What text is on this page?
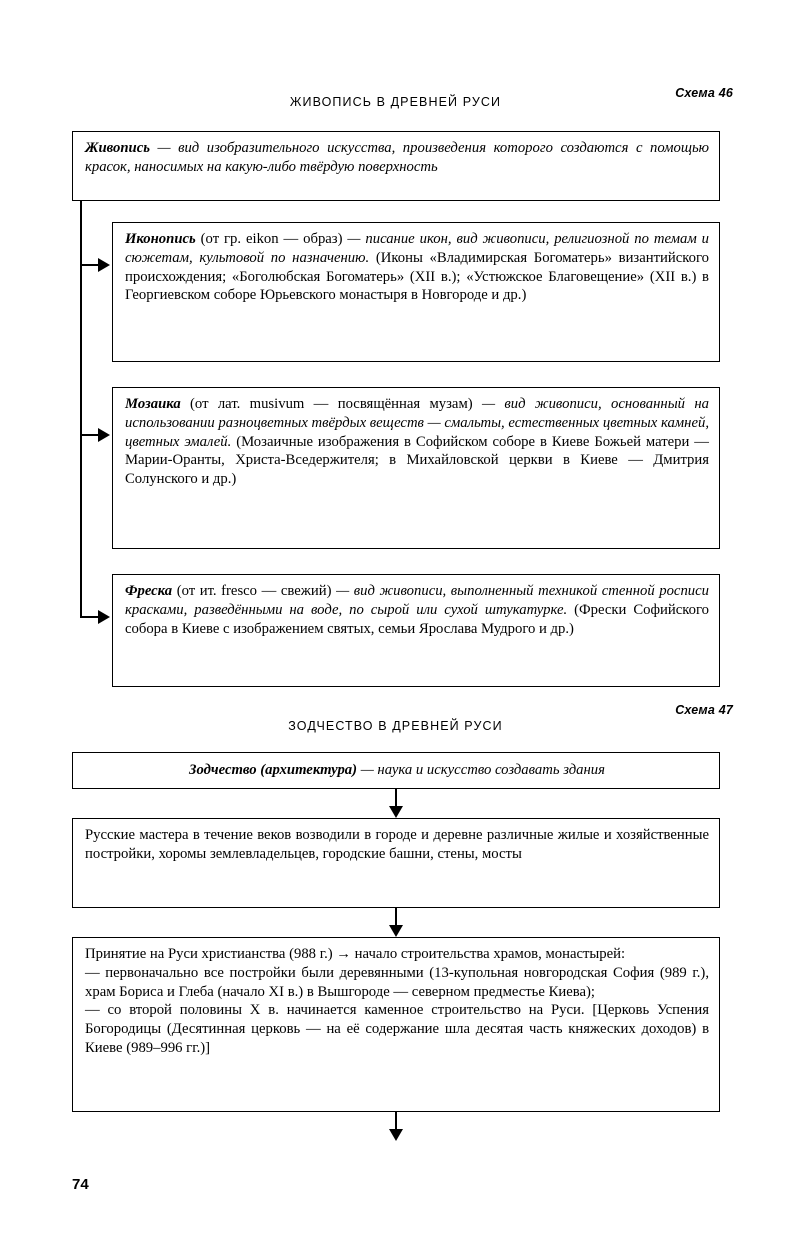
Схема 46
ЖИВОПИСЬ В ДРЕВНЕЙ РУСИ

Живопись — вид изобразительного искусства, произведения которого создаются с помощью красок, наносимых на какую-либо твёрдую поверхность

Иконопись (от гр. eikon — образ) — писание икон, вид живописи, религиозной по темам и сюжетам, культовой по назначению. (Иконы «Владимирская Богоматерь» византийского происхождения; «Боголюбская Богоматерь» (XII в.); «Устюжское Благовещение» (XII в.) в Георгиевском соборе Юрьевского монастыря в Новгороде и др.)

Мозаика (от лат. musivum — посвящённая музам) — вид живописи, основанный на использовании разноцветных твёрдых веществ — смальты, естественных цветных камней, цветных эмалей. (Мозаичные изображения в Софийском соборе в Киеве Божьей матери — Марии-Оранты, Христа-Вседержителя; в Михайловской церкви в Киеве — Дмитрия Солунского и др.)

Фреска (от ит. fresco — свежий) — вид живописи, выполненный техникой стенной росписи красками, разведёнными на воде, по сырой или сухой штукатурке. (Фрески Софийского собора в Киеве с изображением святых, семьи Ярослава Мудрого и др.)

Схема 47
ЗОДЧЕСТВО В ДРЕВНЕЙ РУСИ

Зодчество (архитектура) — наука и искусство создавать здания

Русские мастера в течение веков возводили в городе и деревне различные жилые и хозяйственные постройки, хоромы землевладельцев, городские башни, стены, мосты

Принятие на Руси христианства (988 г.) → начало строительства храмов, монастырей:

— первоначально все постройки были деревянными (13-купольная новгородская София (989 г.), храм Бориса и Глеба (начало XI в.) в Вышгороде — северном предместье Киева);

— со второй половины X в. начинается каменное строительство на Руси. [Церковь Успения Богородицы (Десятинная церковь — на её содержание шла десятая часть княжеских доходов) в Киеве (989–996 гг.)]

74
